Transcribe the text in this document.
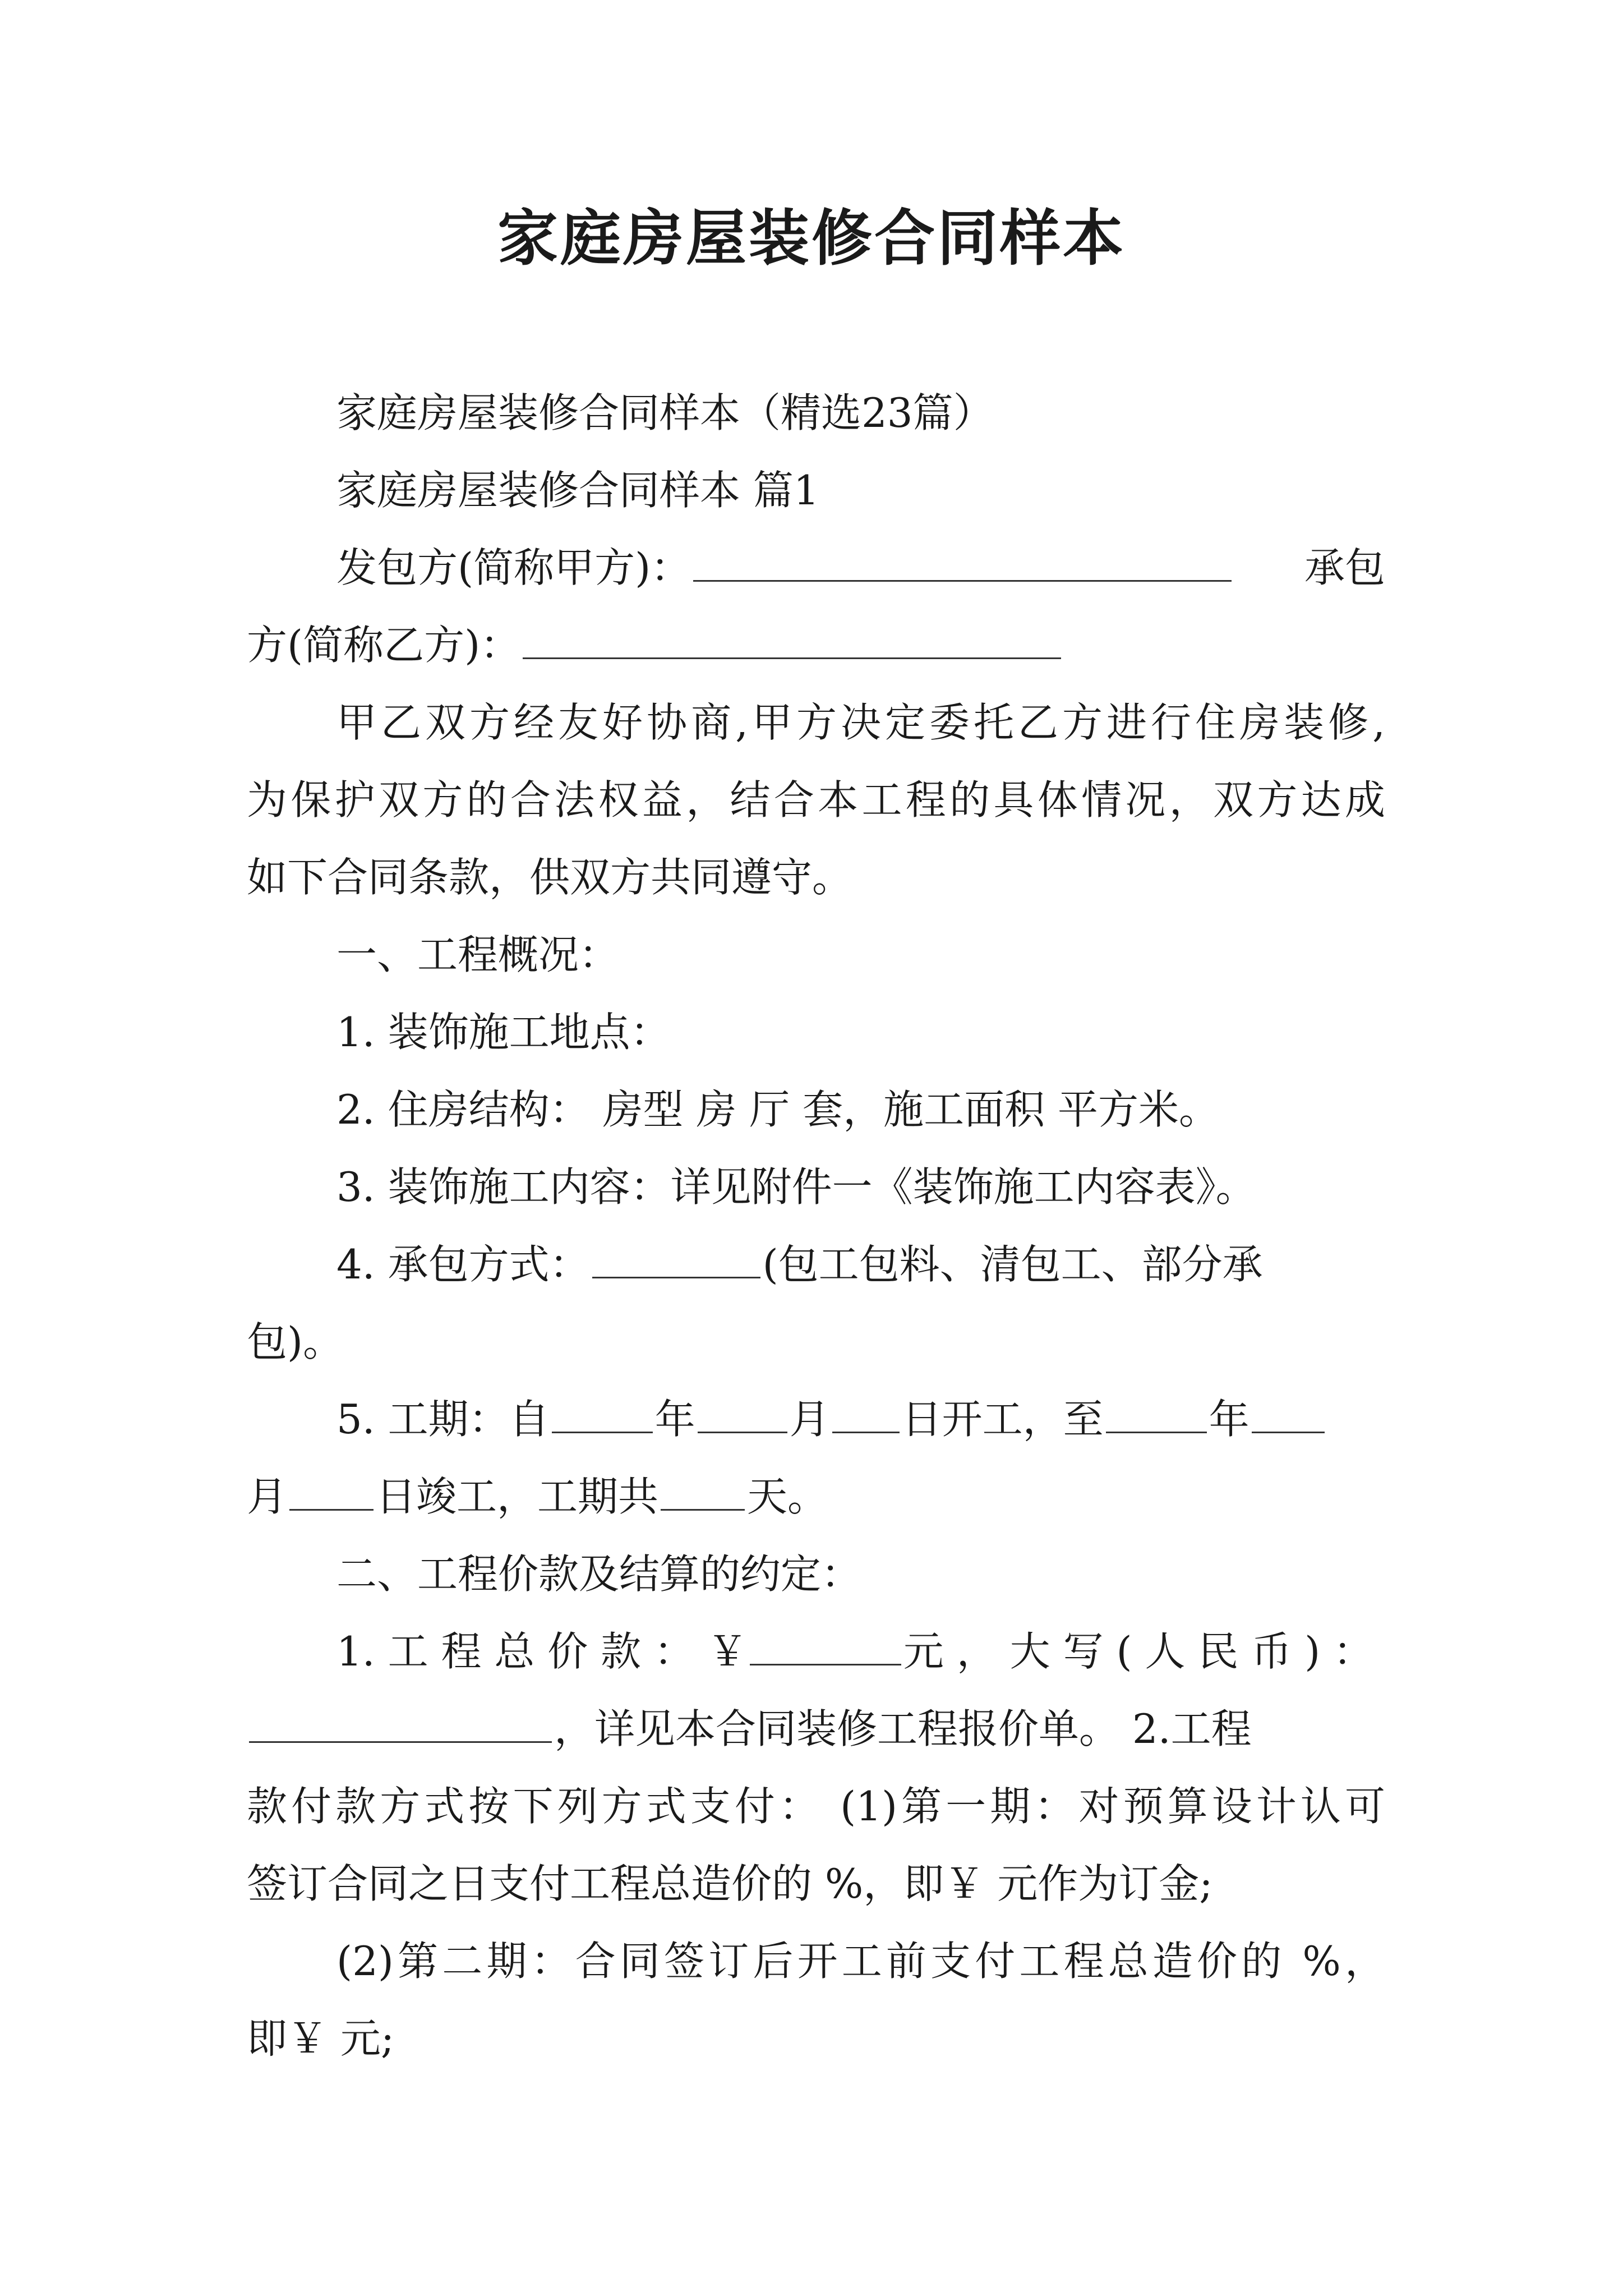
家庭房屋装修合同样本
家庭房屋装修合同样本（精选23篇）
家庭房屋装修合同样本 篇1
发包方(简称甲方)：	承包
方(简称乙方)：
甲乙双方经友好协商,甲方决定委托乙方进行住房装修,
为保护双方的合法权益，结合本工程的具体情况，双方达成
如下合同条款，供双方共同遵守。
一、工程概况：
1. 装饰施工地点：
2. 住房结构： 房型 房 厅 套，施工面积 平方米。
3. 装饰施工内容：详见附件一《装饰施工内容表》。
4. 承包方式：	(包工包料、清包工、部分承
包)。
5. 工期：自	年 月 日开工，至	年
月 日竣工，工期共 天。
二、工程价款及结算的约定：
1. 工 程 总 价 款 ： ￥	元 ， 大 写 ( 人 民 币 ) ：
，详见本合同装修工程报价单。 2.工程
款付款方式按下列方式支付： (1)第一期：对预算设计认可
签订合同之日支付工程总造价的 %，即￥ 元作为订金;
(2)第二期：合同签订后开工前支付工程总造价的 %，
即￥ 元;
